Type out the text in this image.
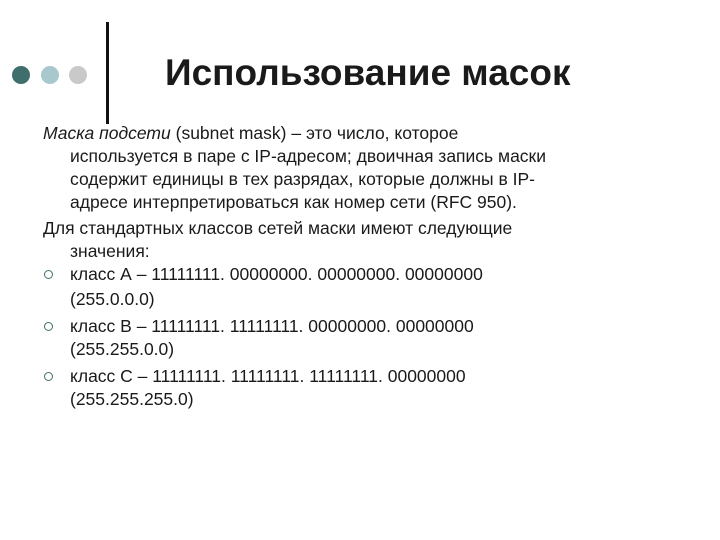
Использование масок
Маска подсети (subnet mask) – это число, которое
используется в паре с IP-адресом; двоичная запись маски
содержит единицы в тех разрядах, которые должны в IP-
адресе интерпретироваться как номер сети (RFC 950).
Для стандартных классов сетей маски имеют следующие
значения:
класс А – 11111111. 00000000. 00000000. 00000000
(255.0.0.0)
класс В – 11111111. 11111111. 00000000. 00000000
(255.255.0.0)
класс С – 11111111. 11111111. 11111111. 00000000
(255.255.255.0)
